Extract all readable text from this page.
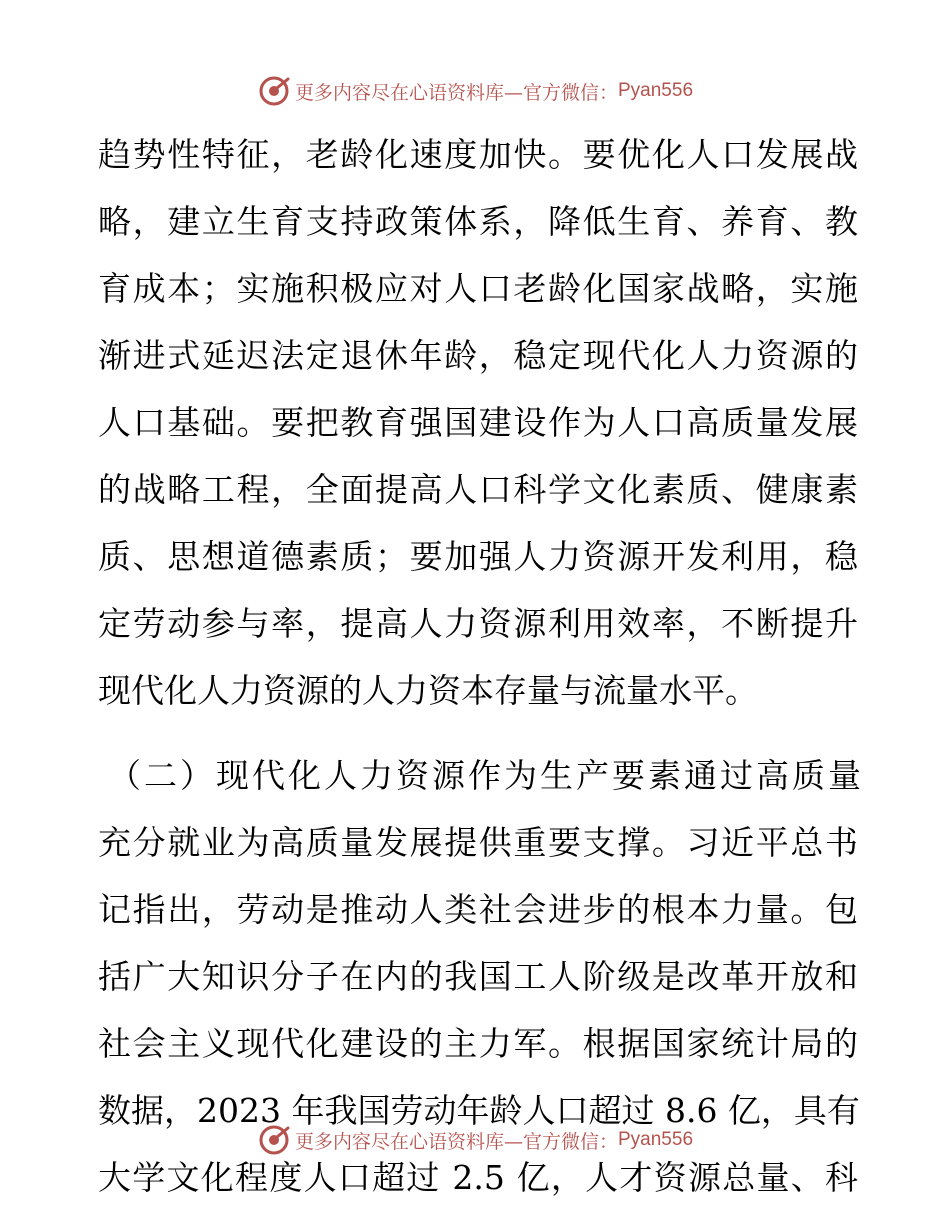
更多内容尽在心语资料库—官方微信： Pyan556
趋势性特征，老龄化速度加快。要优化人口发展战
略，建立生育支持政策体系，降低生育、养育、教
育成本；实施积极应对人口老龄化国家战略，实施
渐进式延迟法定退休年龄，稳定现代化人力资源的
人口基础。要把教育强国建设作为人口高质量发展
的战略工程，全面提高人口科学文化素质、健康素
质、思想道德素质；要加强人力资源开发利用，稳
定劳动参与率，提高人力资源利用效率，不断提升
现代化人力资源的人力资本存量与流量水平。
（二）现代化人力资源作为生产要素通过高质量
充分就业为高质量发展提供重要支撑。习近平总书
记指出，劳动是推动人类社会进步的根本力量。包
括广大知识分子在内的我国工人阶级是改革开放和
社会主义现代化建设的主力军。根据国家统计局的
数据，2023 年我国劳动年龄人口超过 8.6 亿，具有
大学文化程度人口超过 2.5 亿，人才资源总量、科
更多内容尽在心语资料库—官方微信： Pyan556
